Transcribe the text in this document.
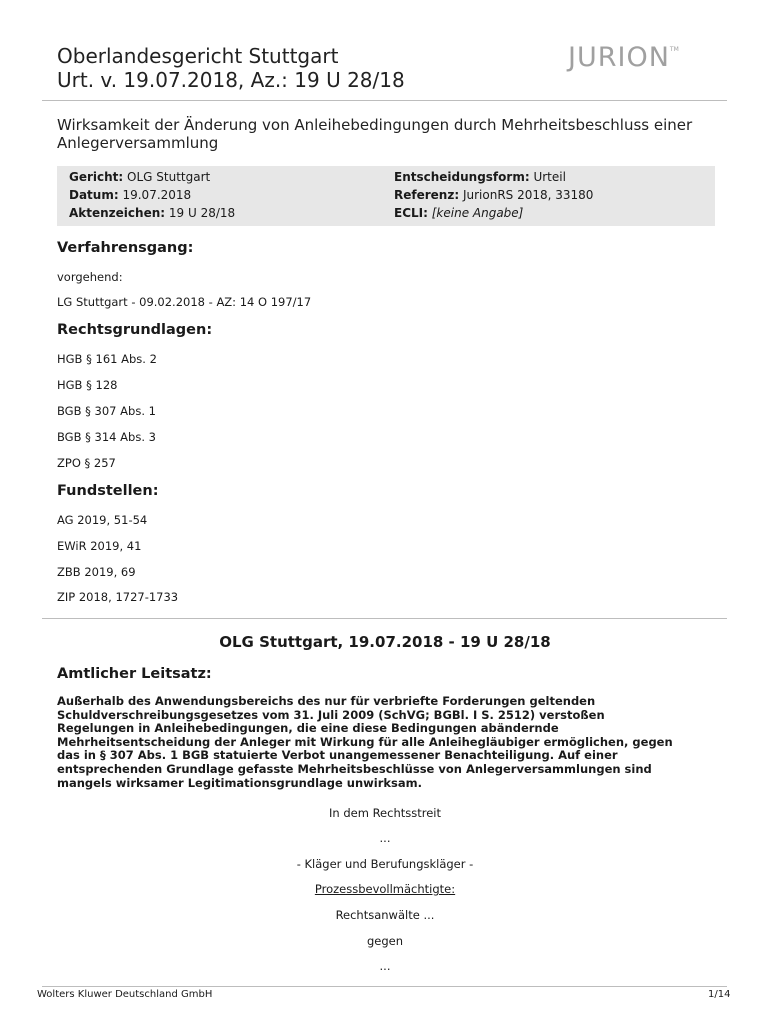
Oberlandesgericht Stuttgart
Urt. v. 19.07.2018, Az.: 19 U 28/18
JURION™
Wirksamkeit der Änderung von Anleihebedingungen durch Mehrheitsbeschluss einer Anlegerversammlung
Gericht: OLG Stuttgart
Datum: 19.07.2018
Aktenzeichen: 19 U 28/18
Entscheidungsform: Urteil
Referenz: JurionRS 2018, 33180
ECLI: [keine Angabe]
Verfahrensgang:
vorgehend:
LG Stuttgart - 09.02.2018 - AZ: 14 O 197/17
Rechtsgrundlagen:
HGB § 161 Abs. 2
HGB § 128
BGB § 307 Abs. 1
BGB § 314 Abs. 3
ZPO § 257
Fundstellen:
AG 2019, 51-54
EWiR 2019, 41
ZBB 2019, 69
ZIP 2018, 1727-1733
OLG Stuttgart, 19.07.2018 - 19 U 28/18
Amtlicher Leitsatz:
Außerhalb des Anwendungsbereichs des nur für verbriefte Forderungen geltenden
Schuldverschreibungsgesetzes vom 31. Juli 2009 (SchVG; BGBl. I S. 2512) verstoßen
Regelungen in Anleihebedingungen, die eine diese Bedingungen abändernde
Mehrheitsentscheidung der Anleger mit Wirkung für alle Anleihegläubiger ermöglichen, gegen
das in § 307 Abs. 1 BGB statuierte Verbot unangemessener Benachteiligung. Auf einer
entsprechenden Grundlage gefasste Mehrheitsbeschlüsse von Anlegerversammlungen sind
mangels wirksamer Legitimationsgrundlage unwirksam.
In dem Rechtsstreit
...
- Kläger und Berufungskläger -
Prozessbevollmächtigte:
Rechtsanwälte ...
gegen
...
Wolters Kluwer Deutschland GmbH	1/14
